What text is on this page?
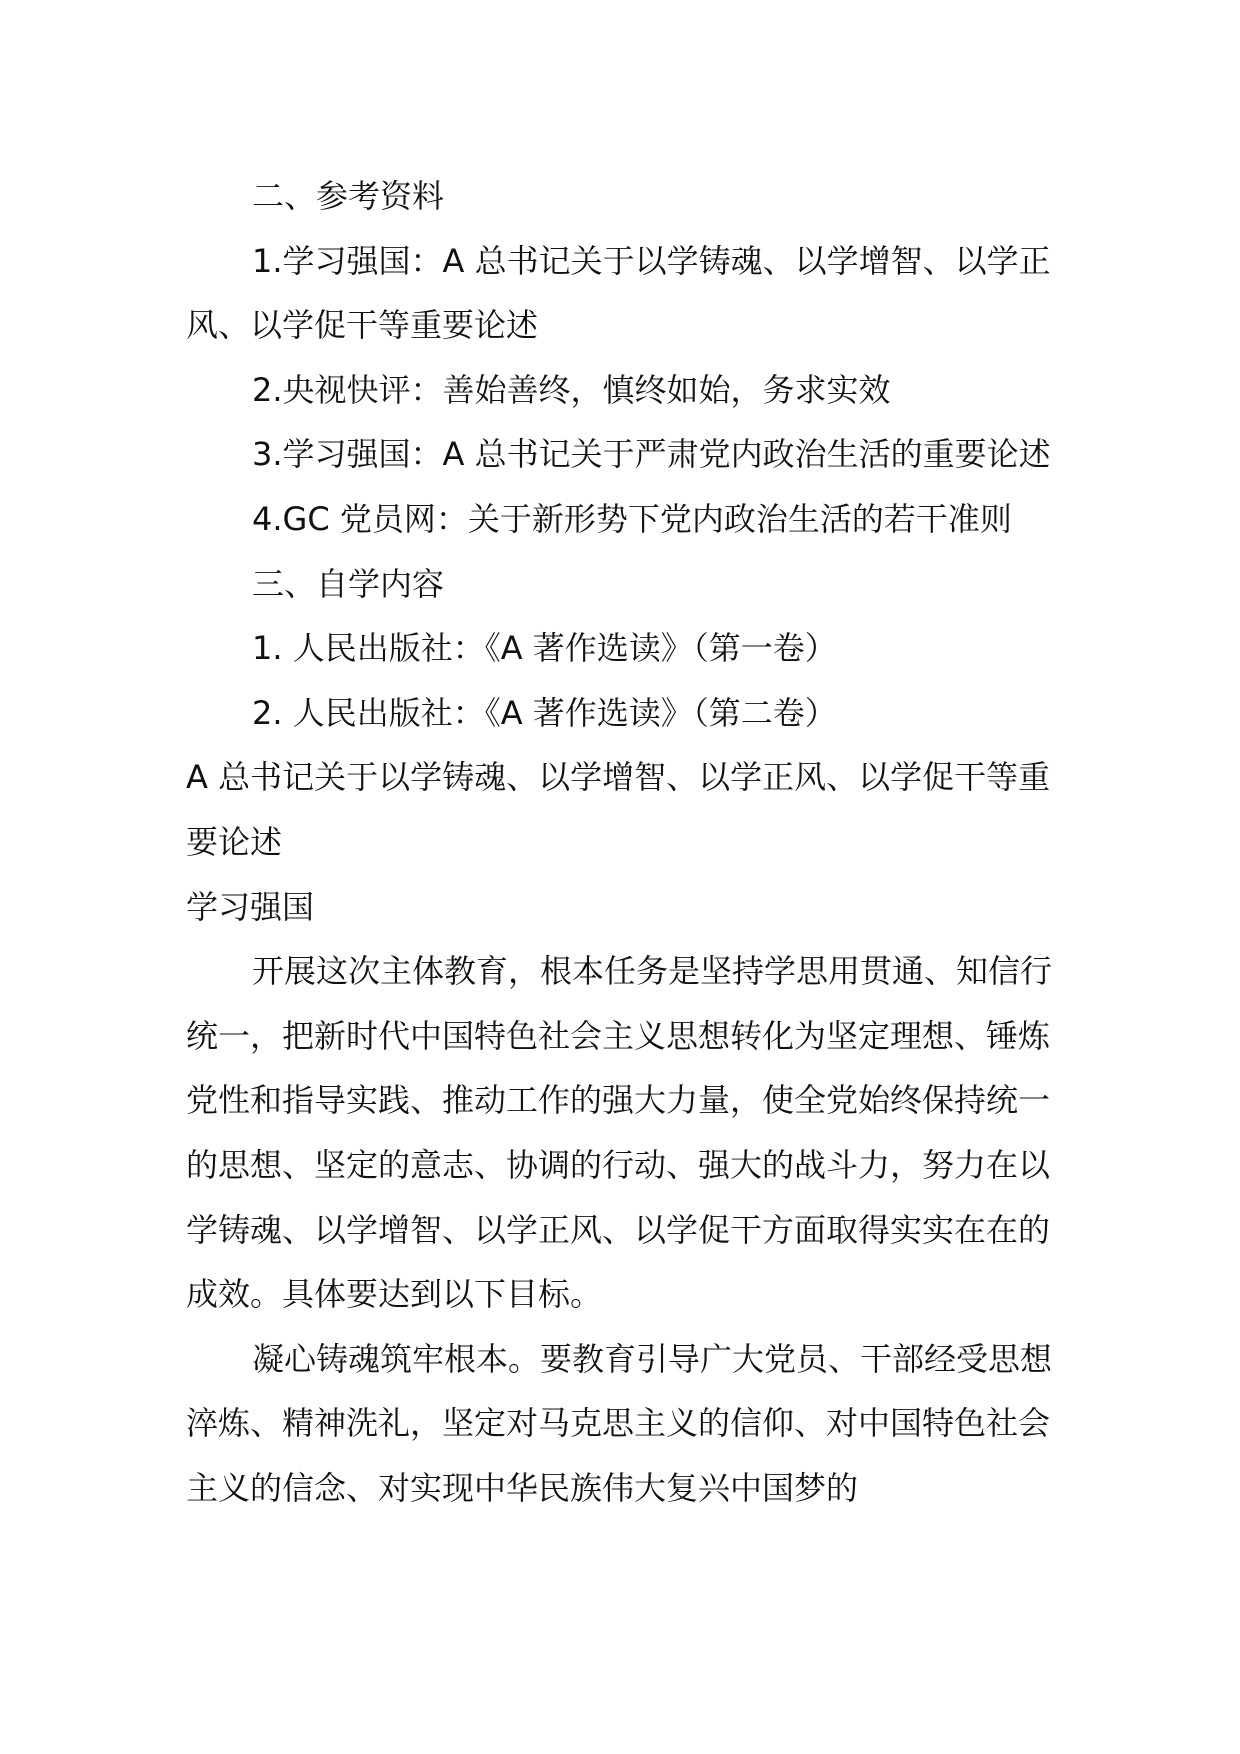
二、参考资料

1.学习强国：A 总书记关于以学铸魂、以学增智、以学正风、以学促干等重要论述

2.央视快评：善始善终，慎终如始，务求实效

3.学习强国：A 总书记关于严肃党内政治生活的重要论述

4.GC 党员网：关于新形势下党内政治生活的若干准则

三、自学内容

1. 人民出版社：《A 著作选读》（第一卷）

2. 人民出版社：《A 著作选读》（第二卷）

A 总书记关于以学铸魂、以学增智、以学正风、以学促干等重要论述

学习强国

开展这次主体教育，根本任务是坚持学思用贯通、知信行统一，把新时代中国特色社会主义思想转化为坚定理想、锤炼党性和指导实践、推动工作的强大力量，使全党始终保持统一的思想、坚定的意志、协调的行动、强大的战斗力，努力在以学铸魂、以学增智、以学正风、以学促干方面取得实实在在的成效。具体要达到以下目标。

凝心铸魂筑牢根本。要教育引导广大党员、干部经受思想淬炼、精神洗礼，坚定对马克思主义的信仰、对中国特色社会主义的信念、对实现中华民族伟大复兴中国梦的
